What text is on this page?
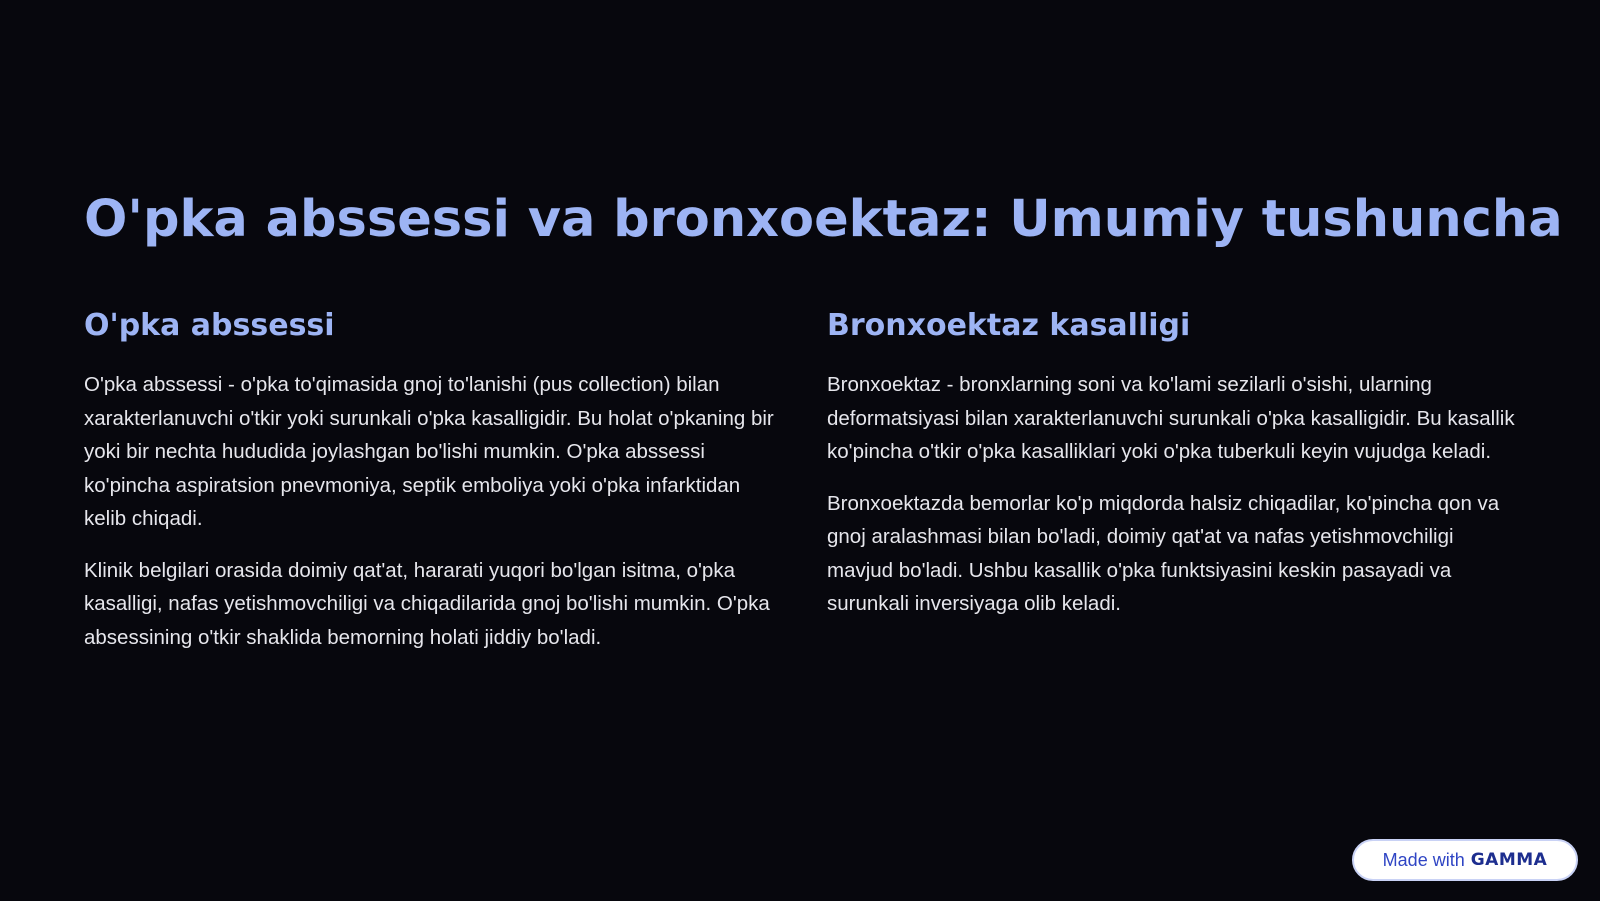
O'pka abssessi va bronxoektaz: Umumiy tushuncha
O'pka abssessi

O'pka abssessi - o'pka to'qimasida gnoj to'lanishi (pus collection) bilan xarakterlanuvchi o'tkir yoki surunkali o'pka kasalligidir. Bu holat o'pkaning bir yoki bir nechta hududida joylashgan bo'lishi mumkin. O'pka abssessi ko'pincha aspiratsion pnevmoniya, septik emboliya yoki o'pka infarktidan kelib chiqadi.

Klinik belgilari orasida doimiy qat'at, hararati yuqori bo'lgan isitma, o'pka kasalligi, nafas yetishmovchiligi va chiqadilarida gnoj bo'lishi mumkin. O'pka absessining o'tkir shaklida bemorning holati jiddiy bo'ladi.

Bronxoektaz kasalligi

Bronxoektaz - bronxlarning soni va ko'lami sezilarli o'sishi, ularning deformatsiyasi bilan xarakterlanuvchi surunkali o'pka kasalligidir. Bu kasallik ko'pincha o'tkir o'pka kasalliklari yoki o'pka tuberkuli keyin vujudga keladi.

Bronxoektazda bemorlar ko'p miqdorda halsiz chiqadilar, ko'pincha qon va gnoj aralashmasi bilan bo'ladi, doimiy qat'at va nafas yetishmovchiligi mavjud bo'ladi. Ushbu kasallik o'pka funktsiyasini keskin pasayadi va surunkali inversiyaga olib keladi.

Made with GAMMA
